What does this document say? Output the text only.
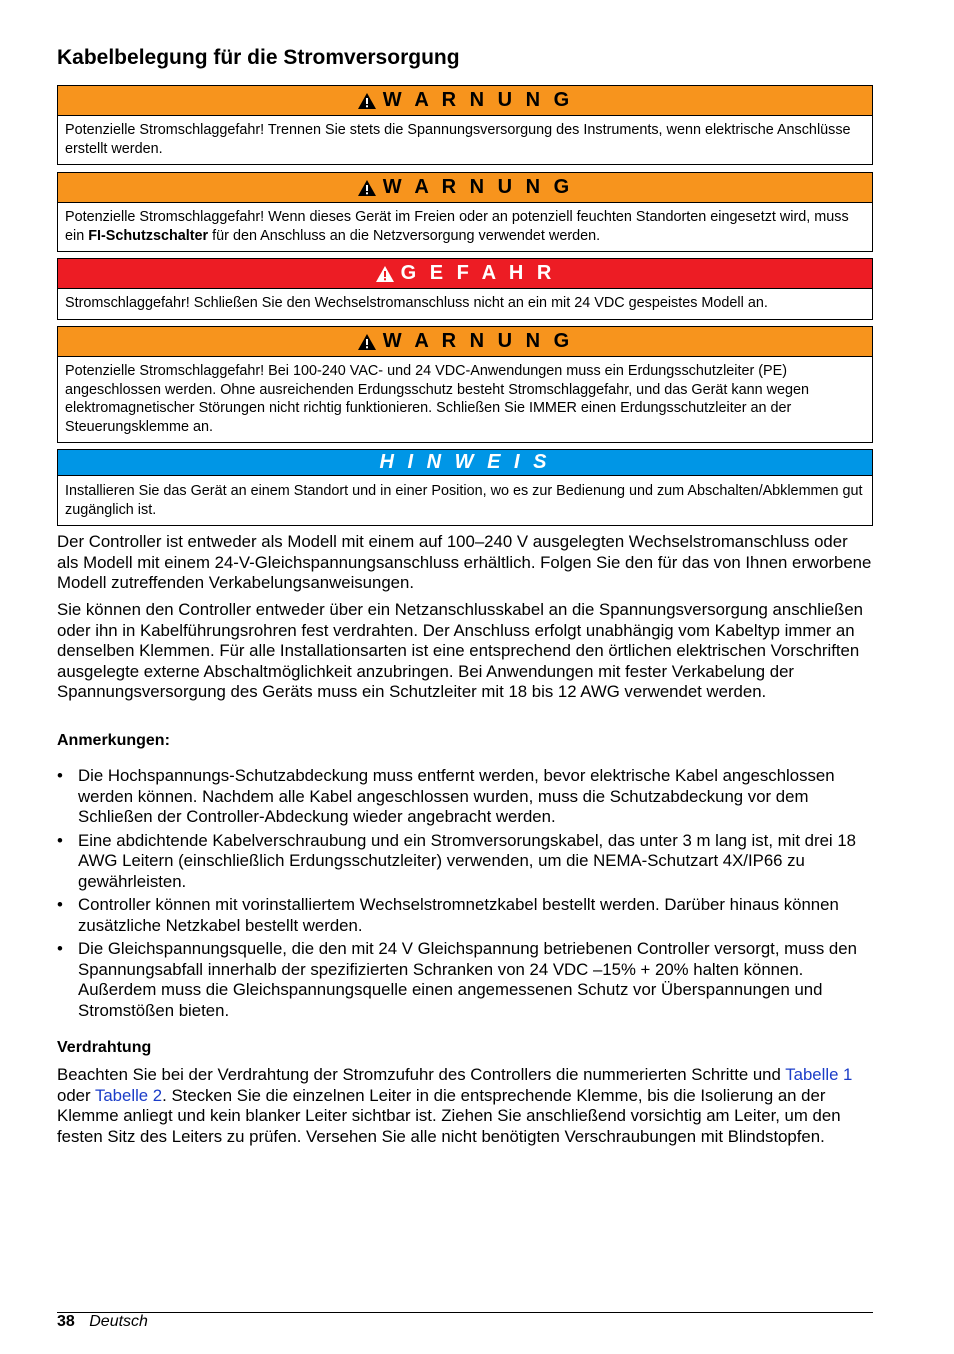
Kabelbelegung für die Stromversorgung
W A R N U N G
Potenzielle Stromschlaggefahr! Trennen Sie stets die Spannungsversorgung des Instruments, wenn elektrische Anschlüsse erstellt werden.
W A R N U N G
Potenzielle Stromschlaggefahr! Wenn dieses Gerät im Freien oder an potenziell feuchten Standorten eingesetzt wird, muss ein FI-Schutzschalter für den Anschluss an die Netzversorgung verwendet werden.
G E F A H R
Stromschlaggefahr! Schließen Sie den Wechselstromanschluss nicht an ein mit 24 VDC gespeistes Modell an.
W A R N U N G
Potenzielle Stromschlaggefahr! Bei 100-240 VAC- und 24 VDC-Anwendungen muss ein Erdungsschutzleiter (PE) angeschlossen werden. Ohne ausreichenden Erdungsschutz besteht Stromschlaggefahr, und das Gerät kann wegen elektromagnetischer Störungen nicht richtig funktionieren. Schließen Sie IMMER einen Erdungsschutzleiter an der Steuerungsklemme an.
H I N W E I S
Installieren Sie das Gerät an einem Standort und in einer Position, wo es zur Bedienung und zum Abschalten/Abklemmen gut zugänglich ist.

Der Controller ist entweder als Modell mit einem auf 100–240 V ausgelegten Wechselstromanschluss oder als Modell mit einem 24-V-Gleichspannungsanschluss erhältlich. Folgen Sie den für das von Ihnen erworbene Modell zutreffenden Verkabelungsanweisungen.

Sie können den Controller entweder über ein Netzanschlusskabel an die Spannungsversorgung anschließen oder ihn in Kabelführungsrohren fest verdrahten. Der Anschluss erfolgt unabhängig vom Kabeltyp immer an denselben Klemmen. Für alle Installationsarten ist eine entsprechend den örtlichen elektrischen Vorschriften ausgelegte externe Abschaltmöglichkeit anzubringen. Bei Anwendungen mit fester Verkabelung der Spannungsversorgung des Geräts muss ein Schutzleiter mit 18 bis 12 AWG verwendet werden.

Anmerkungen:
• Die Hochspannungs-Schutzabdeckung muss entfernt werden, bevor elektrische Kabel angeschlossen werden können. Nachdem alle Kabel angeschlossen wurden, muss die Schutzabdeckung vor dem Schließen der Controller-Abdeckung wieder angebracht werden.
• Eine abdichtende Kabelverschraubung und ein Stromversorungskabel, das unter 3 m lang ist, mit drei 18 AWG Leitern (einschließlich Erdungsschutzleiter) verwenden, um die NEMA-Schutzart 4X/IP66 zu gewährleisten.
• Controller können mit vorinstalliertem Wechselstromnetzkabel bestellt werden. Darüber hinaus können zusätzliche Netzkabel bestellt werden.
• Die Gleichspannungsquelle, die den mit 24 V Gleichspannung betriebenen Controller versorgt, muss den Spannungsabfall innerhalb der spezifizierten Schranken von 24 VDC –15% + 20% halten können. Außerdem muss die Gleichspannungsquelle einen angemessenen Schutz vor Überspannungen und Stromstößen bieten.
Verdrahtung

Beachten Sie bei der Verdrahtung der Stromzufuhr des Controllers die nummerierten Schritte und Tabelle 1 oder Tabelle 2. Stecken Sie die einzelnen Leiter in die entsprechende Klemme, bis die Isolierung an der Klemme anliegt und kein blanker Leiter sichtbar ist. Ziehen Sie anschließend vorsichtig am Leiter, um den festen Sitz des Leiters zu prüfen. Versehen Sie alle nicht benötigten Verschraubungen mit Blindstopfen.

38 Deutsch
